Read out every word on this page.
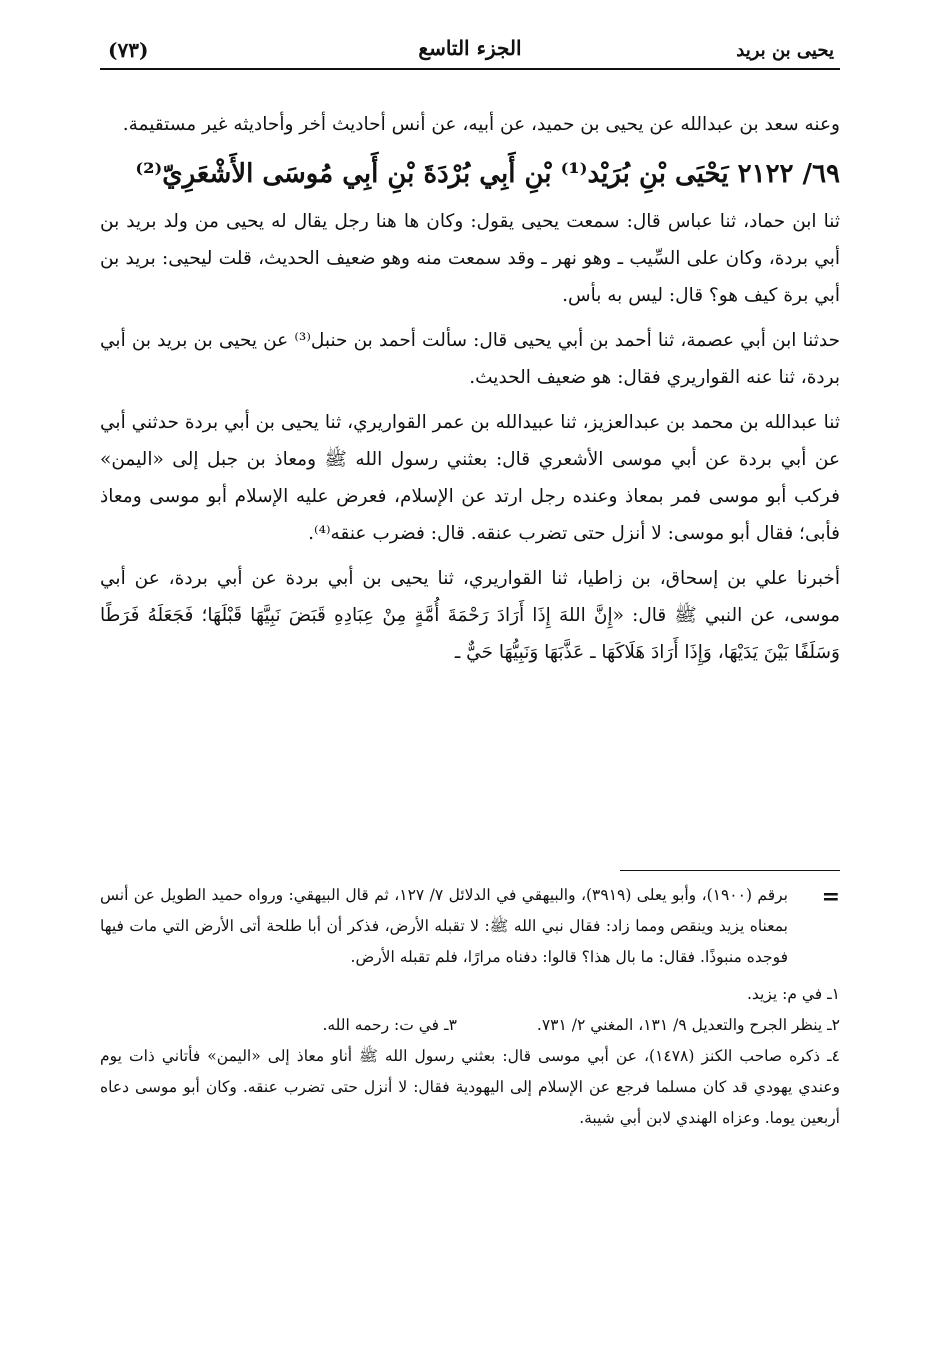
(٧٣)	الجزء التاسع	يحيى بن بريد

وعنه سعد بن عبدالله عن يحيى بن حميد، عن أبيه، عن أنس أحاديث أخر وأحاديثه غير مستقيمة.

٦٩/ ٢١٢٢ يَحْيَى بْنِ بُرَيْد⁽¹⁾ بْنِ أَبِي بُرْدَةَ بْنِ أَبِي مُوسَى الأَشْعَرِيّ⁽²⁾

ثنا ابن حماد، ثنا عباس قال: سمعت يحيى يقول: وكان ها هنا رجل يقال له يحيى من ولد بريد بن أبي بردة، وكان على السِّيب ـ وهو نهر ـ وقد سمعت منه وهو ضعيف الحديث، قلت ليحيى: بريد بن أبي برة كيف هو؟ قال: ليس به بأس.

حدثنا ابن أبي عصمة، ثنا أحمد بن أبي يحيى قال: سألت أحمد بن حنبل⁽³⁾ عن يحيى بن بريد بن أبي بردة، ثنا عنه القواريري فقال: هو ضعيف الحديث.

ثنا عبدالله بن محمد بن عبدالعزيز، ثنا عبيدالله بن عمر القواريري، ثنا يحيى بن أبي بردة حدثني أبي عن أبي بردة عن أبي موسى الأشعري قال: بعثني رسول الله ﷺ ومعاذ بن جبل إلى «اليمن» فركب أبو موسى فمر بمعاذ وعنده رجل ارتد عن الإسلام، فعرض عليه الإسلام أبو موسى ومعاذ فأبى؛ فقال أبو موسى: لا أنزل حتى تضرب عنقه. قال: فضرب عنقه⁽⁴⁾.

أخبرنا علي بن إسحاق، بن زاطيا، ثنا القواريري، ثنا يحيى بن أبي بردة عن أبي بردة، عن أبي موسى، عن النبي ﷺ قال: «إِنَّ اللهَ إِذَا أَرَادَ رَحْمَةَ أُمَّةٍ مِنْ عِبَادِهِ قَبَضَ نَبِيَّهَا قَبْلَهَا؛ فَجَعَلَهُ فَرَطًا وَسَلَفًا بَيْنَ يَدَيْهَا، وَإِذَا أَرَادَ هَلَاكَهَا ـ عَذَّبَهَا وَنَبِيُّهَا حَيٌّ ـ

=
برقم (١٩٠٠)، وأبو يعلى (٣٩١٩)، والبيهقي في الدلائل ٧/ ١٢٧، ثم قال البيهقي: ورواه حميد الطويل عن أنس بمعناه يزيد وينقص ومما زاد: فقال نبي الله ﷺ: لا تقبله الأرض، فذكر أن أبا طلحة أتى الأرض التي مات فيها فوجده منبوذًا. فقال: ما بال هذا؟ قالوا: دفناه مرارًا، فلم تقبله الأرض.

١ـ في م: يزيد.

٢ـ ينظر الجرح والتعديل ٩/ ١٣١، المغني ٢/ ٧٣١.
٣ـ في ت: رحمه الله.

٤ـ ذكره صاحب الكنز (١٤٧٨)، عن أبي موسى قال: بعثني رسول الله ﷺ أناو معاذ إلى «اليمن» فأتاني ذات يوم وعندي يهودي قد كان مسلما فرجع عن الإسلام إلى اليهودية فقال: لا أنزل حتى تضرب عنقه. وكان أبو موسى دعاه أربعين يوما. وعزاه الهندي لابن أبي شيبة.
